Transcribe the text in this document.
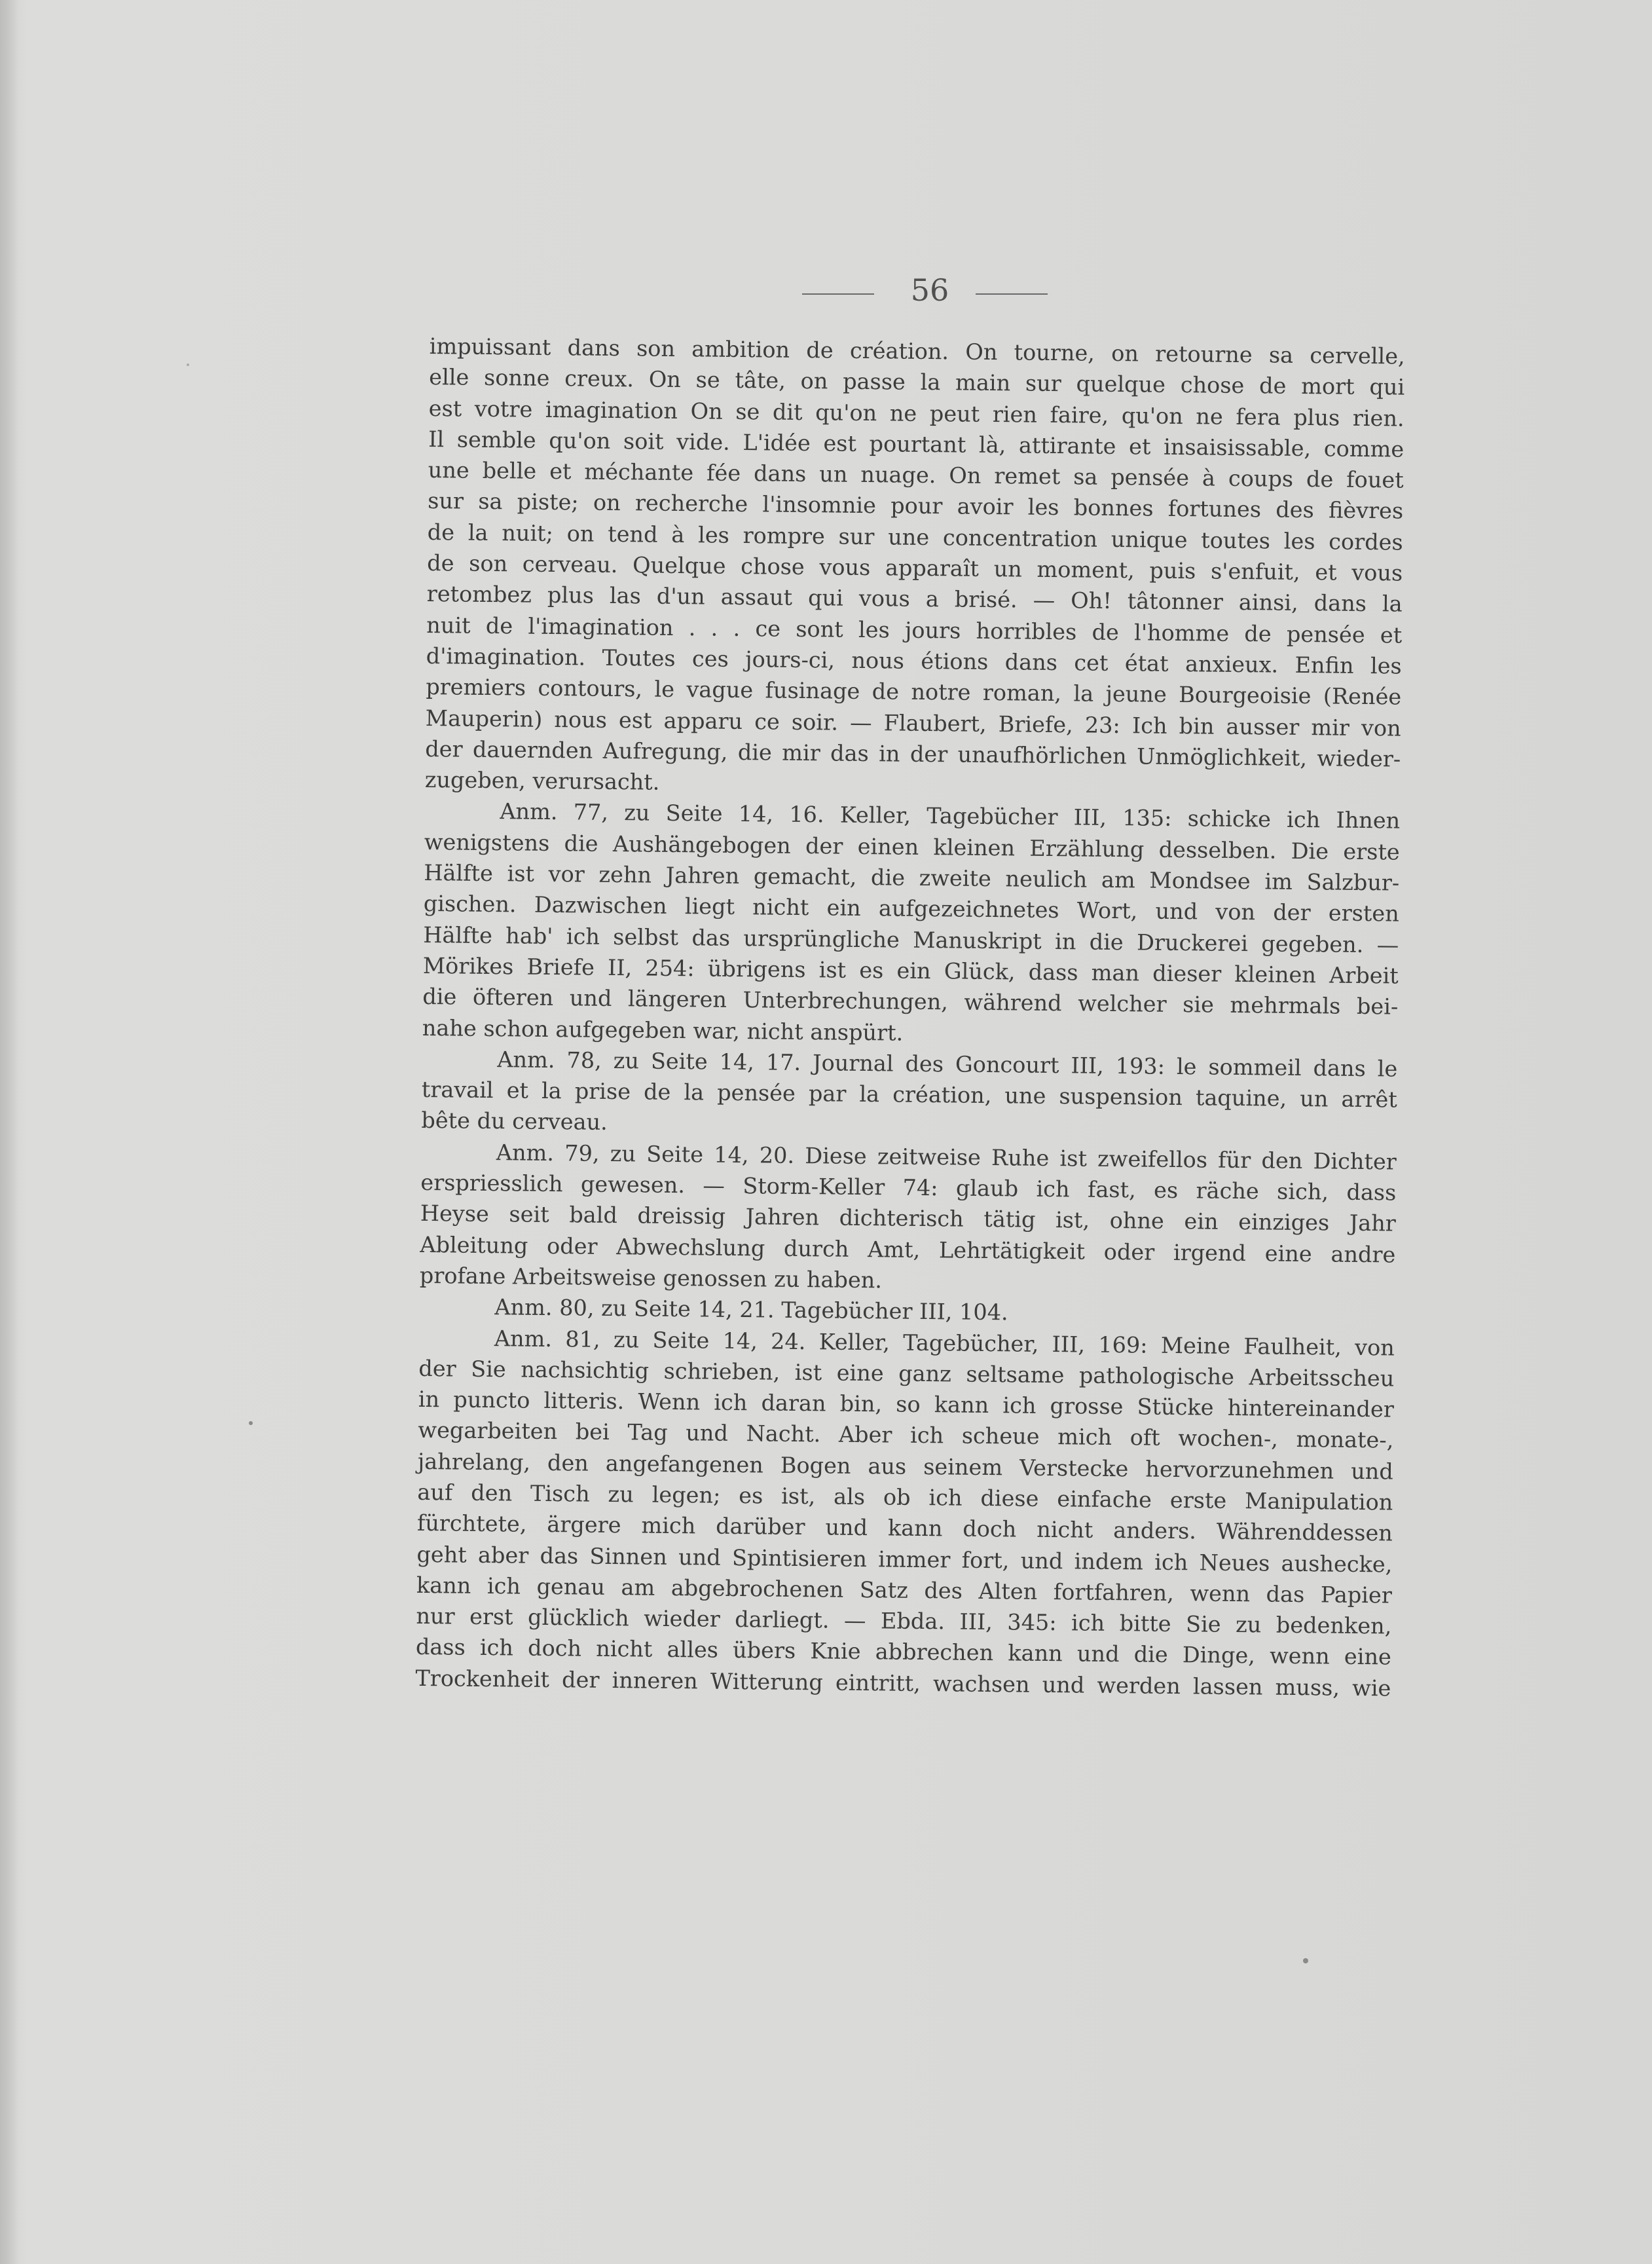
56
impuissant dans son ambition de création. On tourne, on retourne sa cervelle,
elle sonne creux. On se tâte, on passe la main sur quelque chose de mort qui
est votre imagination On se dit qu'on ne peut rien faire, qu'on ne fera plus rien.
Il semble qu'on soit vide. L'idée est pourtant là, attirante et insaisissable, comme
une belle et méchante fée dans un nuage. On remet sa pensée à coups de fouet
sur sa piste; on recherche l'insomnie pour avoir les bonnes fortunes des fièvres
de la nuit; on tend à les rompre sur une concentration unique toutes les cordes
de son cerveau. Quelque chose vous apparaît un moment, puis s'enfuit, et vous
retombez plus las d'un assaut qui vous a brisé. — Oh! tâtonner ainsi, dans la
nuit de l'imagination . . . ce sont les jours horribles de l'homme de pensée et
d'imagination. Toutes ces jours-ci, nous étions dans cet état anxieux. Enfin les
premiers contours, le vague fusinage de notre roman, la jeune Bourgeoisie (Renée
Mauperin) nous est apparu ce soir. — Flaubert, Briefe, 23: Ich bin ausser mir von
der dauernden Aufregung, die mir das in der unaufhörlichen Unmöglichkeit, wieder-
zugeben, verursacht.
Anm. 77, zu Seite 14, 16. Keller, Tagebücher III, 135: schicke ich Ihnen
wenigstens die Aushängebogen der einen kleinen Erzählung desselben. Die erste
Hälfte ist vor zehn Jahren gemacht, die zweite neulich am Mondsee im Salzbur-
gischen. Dazwischen liegt nicht ein aufgezeichnetes Wort, und von der ersten
Hälfte hab' ich selbst das ursprüngliche Manuskript in die Druckerei gegeben. —
Mörikes Briefe II, 254: übrigens ist es ein Glück, dass man dieser kleinen Arbeit
die öfteren und längeren Unterbrechungen, während welcher sie mehrmals bei-
nahe schon aufgegeben war, nicht anspürt.
Anm. 78, zu Seite 14, 17. Journal des Goncourt III, 193: le sommeil dans le
travail et la prise de la pensée par la création, une suspension taquine, un arrêt
bête du cerveau.
Anm. 79, zu Seite 14, 20. Diese zeitweise Ruhe ist zweifellos für den Dichter
erspriesslich gewesen. — Storm-Keller 74: glaub ich fast, es räche sich, dass
Heyse seit bald dreissig Jahren dichterisch tätig ist, ohne ein einziges Jahr
Ableitung oder Abwechslung durch Amt, Lehrtätigkeit oder irgend eine andre
profane Arbeitsweise genossen zu haben.
Anm. 80, zu Seite 14, 21. Tagebücher III, 104.
Anm. 81, zu Seite 14, 24. Keller, Tagebücher, III, 169: Meine Faulheit, von
der Sie nachsichtig schrieben, ist eine ganz seltsame pathologische Arbeitsscheu
in puncto litteris. Wenn ich daran bin, so kann ich grosse Stücke hintereinander
wegarbeiten bei Tag und Nacht. Aber ich scheue mich oft wochen-, monate-,
jahrelang, den angefangenen Bogen aus seinem Verstecke hervorzunehmen und
auf den Tisch zu legen; es ist, als ob ich diese einfache erste Manipulation
fürchtete, ärgere mich darüber und kann doch nicht anders. Währenddessen
geht aber das Sinnen und Spintisieren immer fort, und indem ich Neues aushecke,
kann ich genau am abgebrochenen Satz des Alten fortfahren, wenn das Papier
nur erst glücklich wieder darliegt. — Ebda. III, 345: ich bitte Sie zu bedenken,
dass ich doch nicht alles übers Knie abbrechen kann und die Dinge, wenn eine
Trockenheit der inneren Witterung eintritt, wachsen und werden lassen muss, wie
